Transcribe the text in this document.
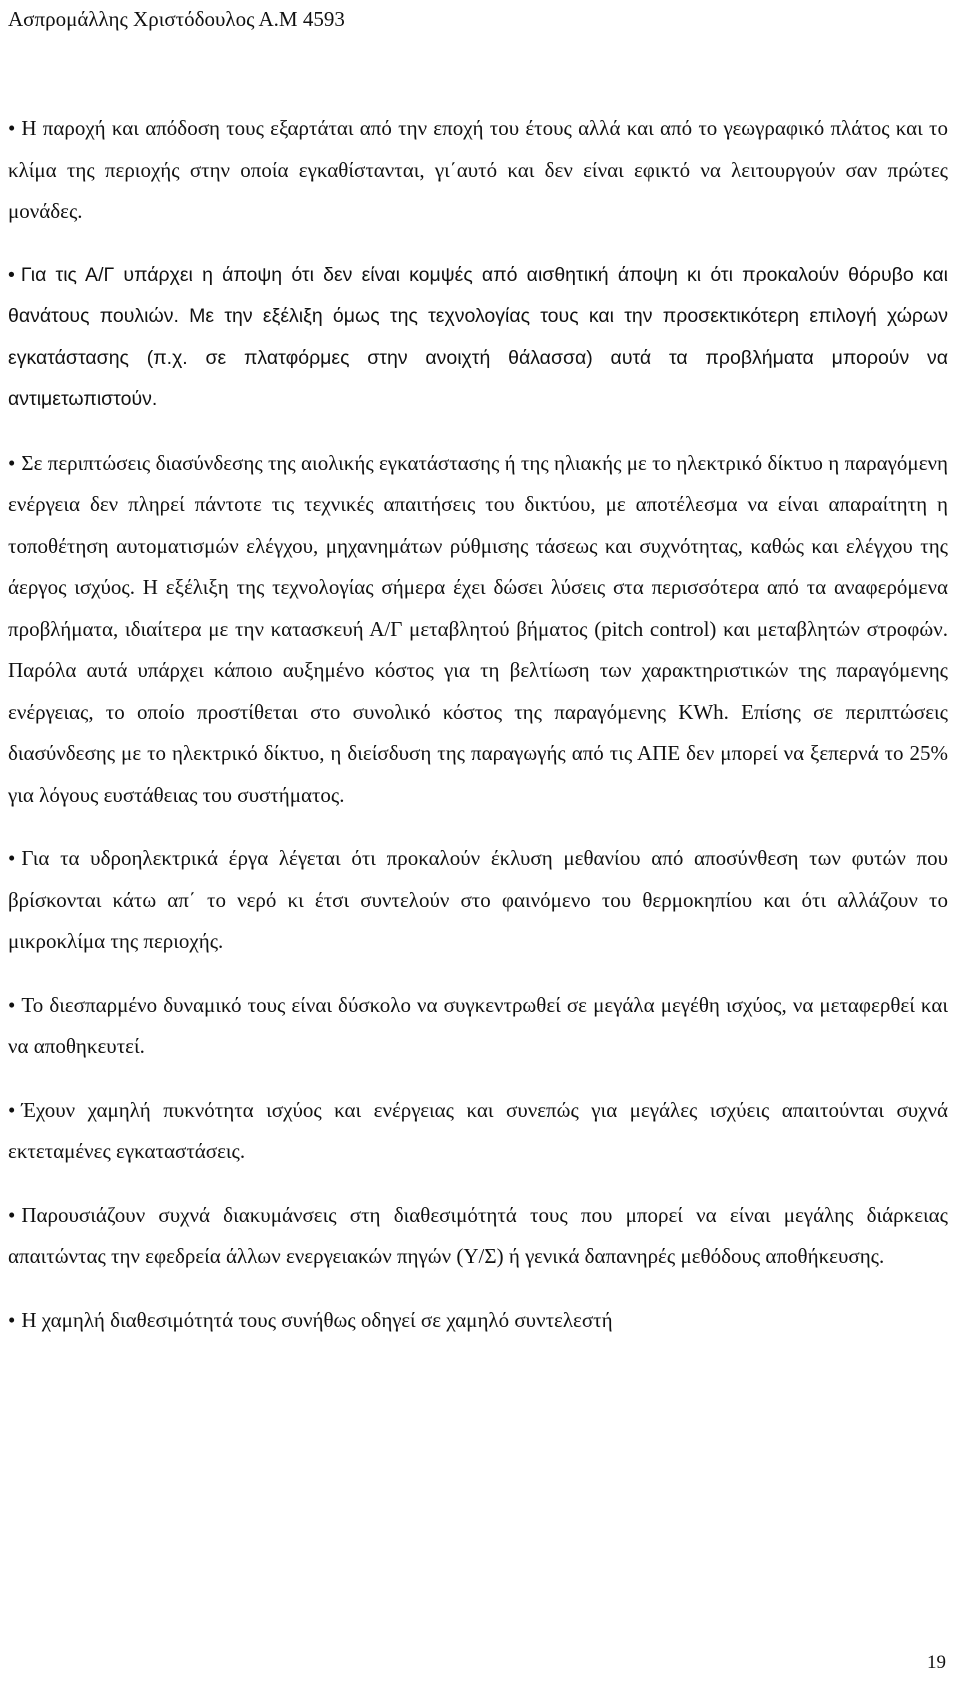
Ασπρομάλλης Χριστόδουλος Α.Μ 4593

• Η παροχή και απόδοση τους εξαρτάται από την εποχή του έτους αλλά και από το γεωγραφικό πλάτος και το κλίμα της περιοχής στην οποία εγκαθίστανται, γι΄αυτό και δεν είναι εφικτό να λειτουργούν σαν πρώτες μονάδες.

• Για τις Α/Γ υπάρχει η άποψη ότι δεν είναι κομψές από αισθητική άποψη κι ότι προκαλούν θόρυβο και θανάτους πουλιών. Με την εξέλιξη όμως της τεχνολογίας τους και την προσεκτικότερη επιλογή χώρων εγκατάστασης (π.χ. σε πλατφόρμες στην ανοιχτή θάλασσα) αυτά τα προβλήματα μπορούν να αντιμετωπιστούν.

• Σε περιπτώσεις διασύνδεσης της αιολικής εγκατάστασης ή της ηλιακής με το ηλεκτρικό δίκτυο η παραγόμενη ενέργεια δεν πληρεί πάντοτε τις τεχνικές απαιτήσεις του δικτύου, με αποτέλεσμα να είναι απαραίτητη η τοποθέτηση αυτοματισμών ελέγχου, μηχανημάτων ρύθμισης τάσεως και συχνότητας, καθώς και ελέγχου της άεργος ισχύος. Η εξέλιξη της τεχνολογίας σήμερα έχει δώσει λύσεις στα περισσότερα από τα αναφερόμενα προβλήματα, ιδιαίτερα με την κατασκευή Α/Γ μεταβλητού βήματος (pitch control) και μεταβλητών στροφών. Παρόλα αυτά υπάρχει κάποιο αυξημένο κόστος για τη βελτίωση των χαρακτηριστικών της παραγόμενης ενέργειας, το οποίο προστίθεται στο συνολικό κόστος της παραγόμενης KWh. Επίσης σε περιπτώσεις διασύνδεσης με το ηλεκτρικό δίκτυο, η διείσδυση της παραγωγής από τις ΑΠΕ δεν μπορεί να ξεπερνά το 25% για λόγους ευστάθειας του συστήματος.

• Για τα υδροηλεκτρικά έργα λέγεται ότι προκαλούν έκλυση μεθανίου από αποσύνθεση των φυτών που βρίσκονται κάτω απ΄ το νερό κι έτσι συντελούν στο φαινόμενο του θερμοκηπίου και ότι αλλάζουν το μικροκλίμα της περιοχής.

• Το διεσπαρμένο δυναμικό τους είναι δύσκολο να συγκεντρωθεί σε μεγάλα μεγέθη ισχύος, να μεταφερθεί και να αποθηκευτεί.

• Έχουν χαμηλή πυκνότητα ισχύος και ενέργειας και συνεπώς για μεγάλες ισχύεις απαιτούνται συχνά εκτεταμένες εγκαταστάσεις.

• Παρουσιάζουν συχνά διακυμάνσεις στη διαθεσιμότητά τους που μπορεί να είναι μεγάλης διάρκειας απαιτώντας την εφεδρεία άλλων ενεργειακών πηγών (Υ/Σ) ή γενικά δαπανηρές μεθόδους αποθήκευσης.

• Η χαμηλή διαθεσιμότητά τους συνήθως οδηγεί σε χαμηλό συντελεστή

19
